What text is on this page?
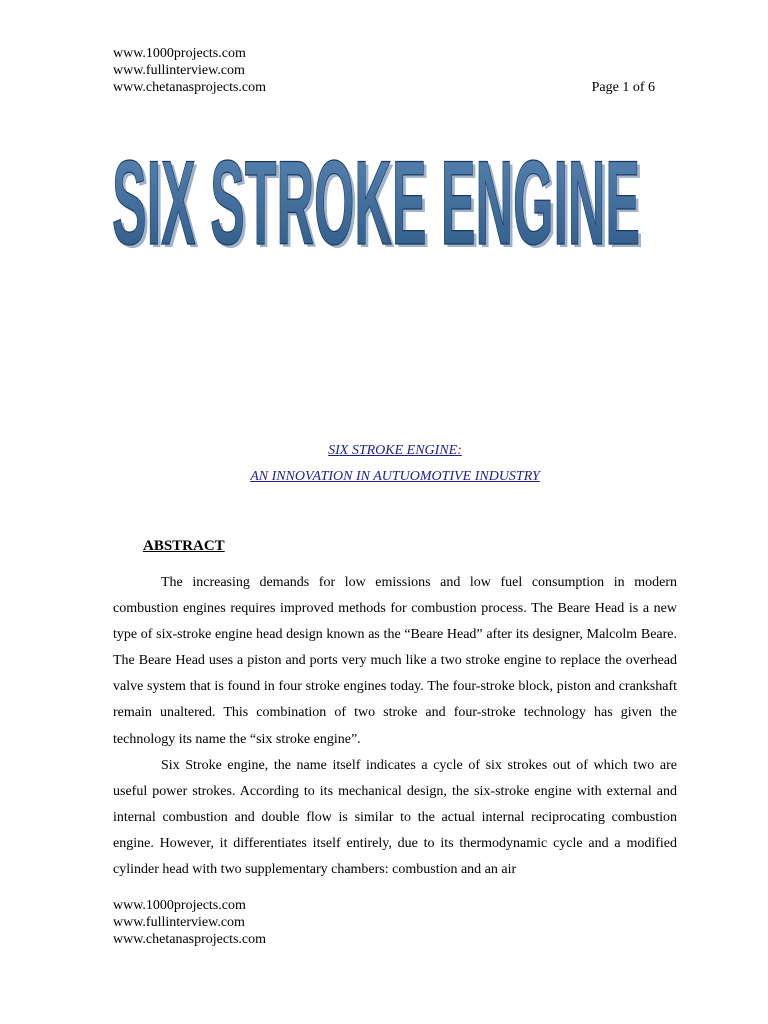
www.1000projects.com
www.fullinterview.com
www.chetanasprojects.com	Page 1 of 6
SIX STROKE ENGINE
SIX STROKE ENGINE
SIX STROKE ENGINE:
AN INNOVATION IN AUTUOMOTIVE INDUSTRY
ABSTRACT

The increasing demands for low emissions and low fuel consumption in modern combustion engines requires improved methods for combustion process. The Beare Head is a new type of six-stroke engine head design known as the “Beare Head” after its designer, Malcolm Beare. The Beare Head uses a piston and ports very much like a two stroke engine to replace the overhead valve system that is found in four stroke engines today. The four-stroke block, piston and crankshaft remain unaltered. This combination of two stroke and four-stroke technology has given the technology its name the “six stroke engine”.

Six Stroke engine, the name itself indicates a cycle of six strokes out of which two are useful power strokes. According to its mechanical design, the six-stroke engine with external and internal combustion and double flow is similar to the actual internal reciprocating combustion engine. However, it differentiates itself entirely, due to its thermodynamic cycle and a modified cylinder head with two supplementary chambers: combustion and an air

www.1000projects.com
www.fullinterview.com
www.chetanasprojects.com
